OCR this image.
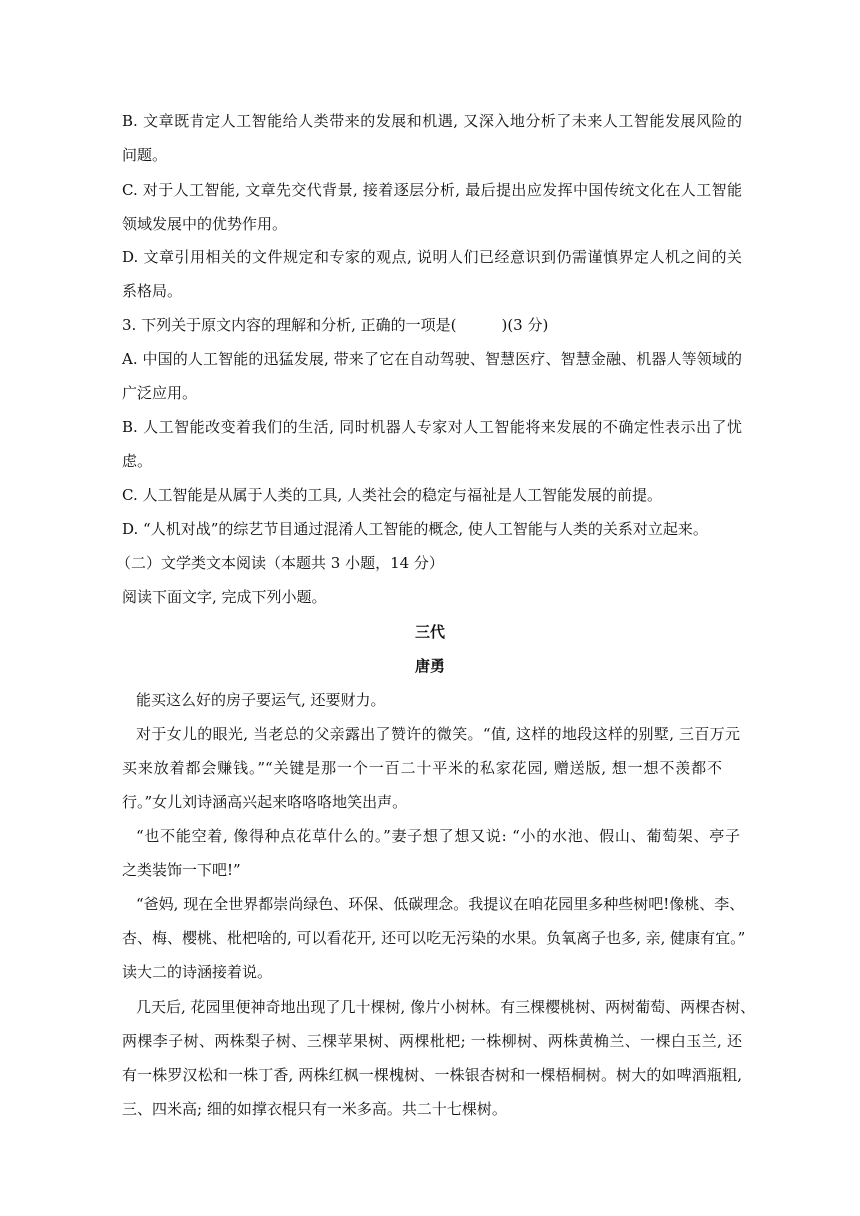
B. 文章既肯定人工智能给人类带来的发展和机遇, 又深入地分析了未来人工智能发展风险的
问题。
C. 对于人工智能, 文章先交代背景, 接着逐层分析, 最后提出应发挥中国传统文化在人工智能
领域发展中的优势作用。
D. 文章引用相关的文件规定和专家的观点, 说明人们已经意识到仍需谨慎界定人机之间的关
系格局。
3. 下列关于原文内容的理解和分析, 正确的一项是(　　　)(3 分)
A. 中国的人工智能的迅猛发展, 带来了它在自动驾驶、智慧医疗、智慧金融、机器人等领域的
广泛应用。
B. 人工智能改变着我们的生活, 同时机器人专家对人工智能将来发展的不确定性表示出了忧
虑。
C. 人工智能是从属于人类的工具, 人类社会的稳定与福祉是人工智能发展的前提。
D. “人机对战”的综艺节目通过混淆人工智能的概念, 使人工智能与人类的关系对立起来。
（二）文学类文本阅读（本题共 3 小题，14 分）
阅读下面文字, 完成下列小题。
三代
唐勇
能买这么好的房子要运气, 还要财力。
对于女儿的眼光, 当老总的父亲露出了赞许的微笑。“值, 这样的地段这样的别墅, 三百万元
买来放着都会赚钱。”“关键是那一个一百二十平米的私家花园, 赠送版, 想一想不羡都不
行。”女儿刘诗涵高兴起来咯咯咯地笑出声。
“也不能空着, 像得种点花草什么的。”妻子想了想又说: “小的水池、假山、葡萄架、亭子
之类装饰一下吧!”
“爸妈, 现在全世界都崇尚绿色、环保、低碳理念。我提议在咱花园里多种些树吧!像桃、李、
杏、梅、樱桃、枇杷啥的, 可以看花开, 还可以吃无污染的水果。负氧离子也多, 亲, 健康有宜。”
读大二的诗涵接着说。
几天后, 花园里便神奇地出现了几十棵树, 像片小树林。有三棵樱桃树、两树葡萄、两棵杏树、
两棵李子树、两株梨子树、三棵苹果树、两棵枇杷; 一株柳树、两株黄桷兰、一棵白玉兰, 还
有一株罗汉松和一株丁香, 两株红枫一棵槐树、一株银杏树和一棵梧桐树。树大的如啤酒瓶粗,
三、四米高; 细的如撑衣棍只有一米多高。共二十七棵树。
